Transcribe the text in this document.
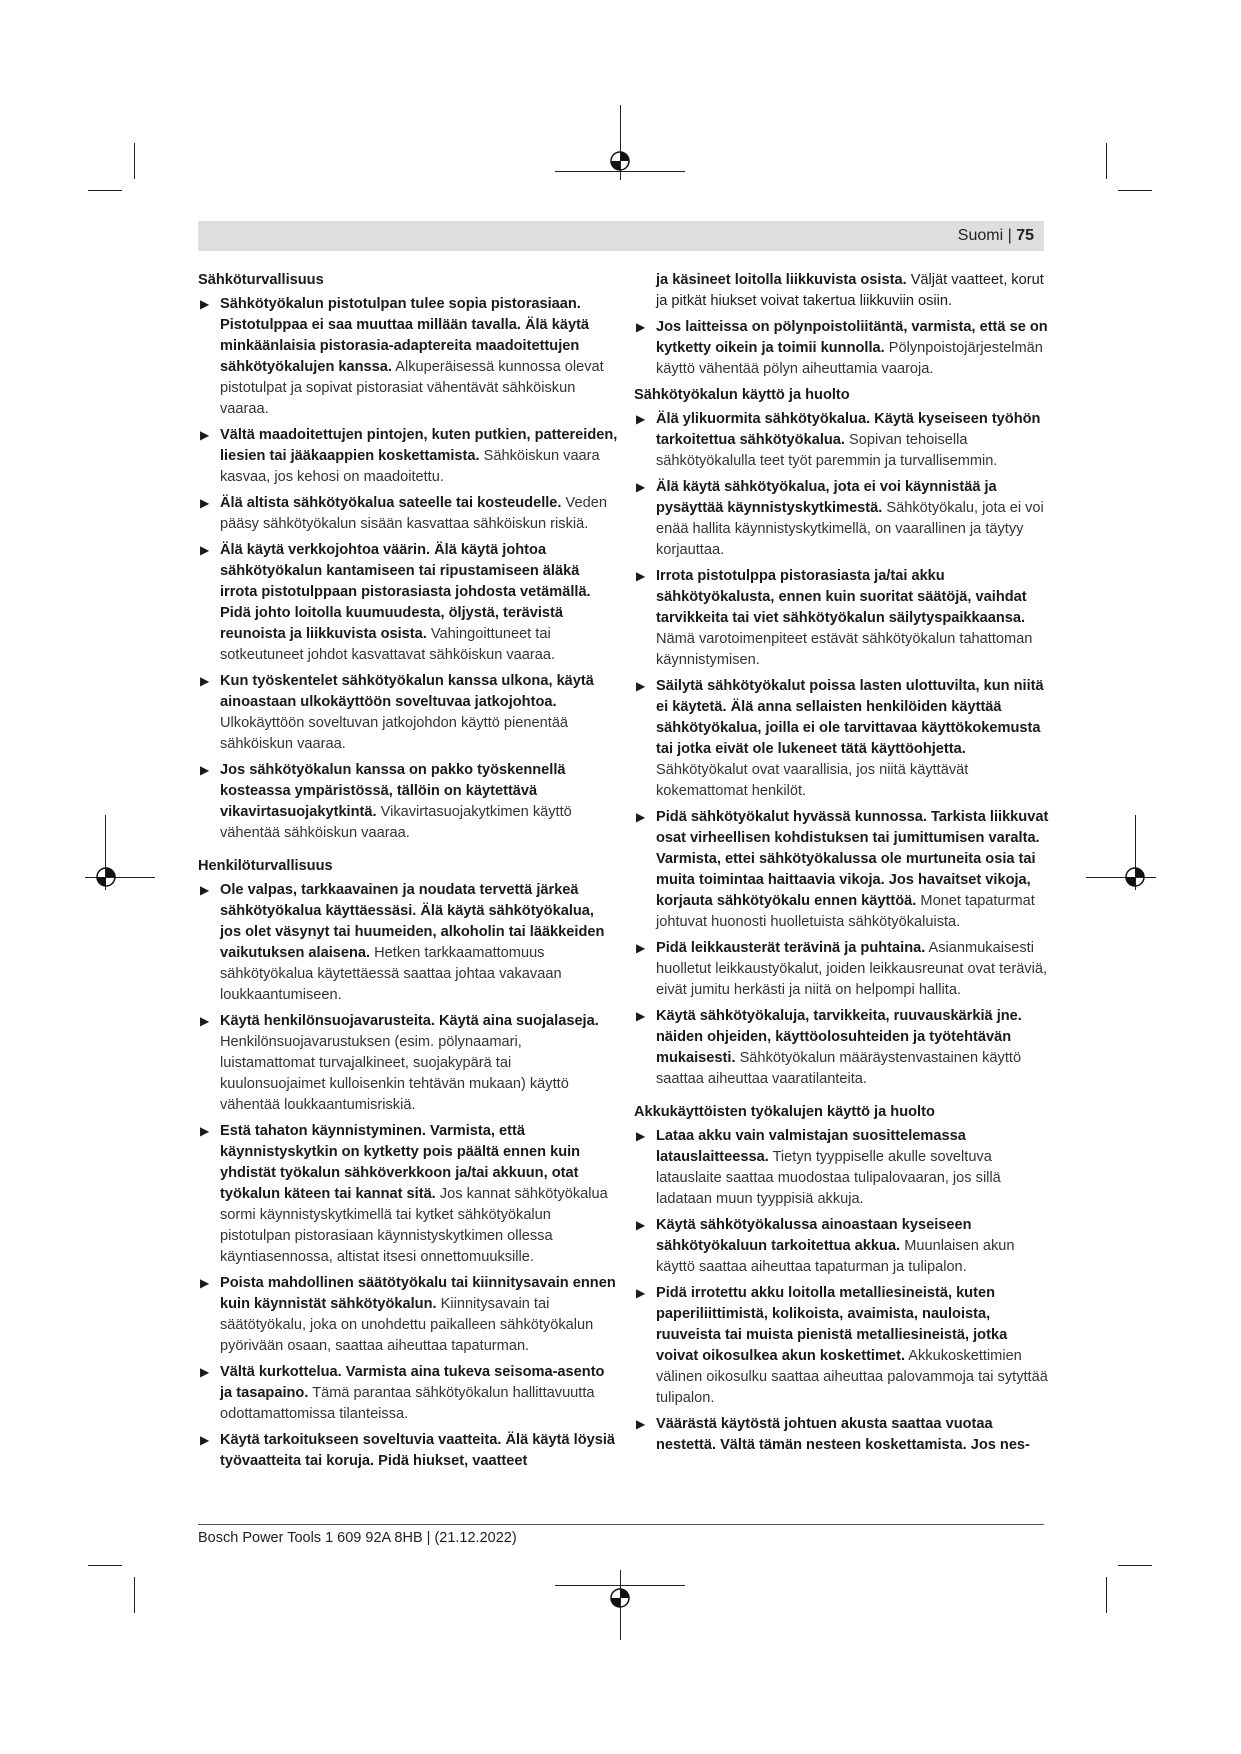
Suomi | 75
Sähköturvallisuus
▶ Sähkötyökalun pistotulpan tulee sopia pistorasiaan. Pistotulppaa ei saa muuttaa millään tavalla. Älä käytä minkäänlaisia pistorasia-adaptereita maadoitettujen sähkötyökalujen kanssa. Alkuperäisessä kunnossa olevat pistotulpat ja sopivat pistorasiat vähentävät sähköiskun vaaraa.
▶ Vältä maadoitettujen pintojen, kuten putkien, pattereiden, liesien tai jääkaappien koskettamista. Sähköiskun vaara kasvaa, jos kehosi on maadoitettu.
▶ Älä altista sähkötyökalua sateelle tai kosteudelle. Veden pääsy sähkötyökalun sisään kasvattaa sähköiskun riskiä.
▶ Älä käytä verkkojohtoa väärin. Älä käytä johtoa sähkötyökalun kantamiseen tai ripustamiseen äläkä irrota pistotulppaan pistorasiasta johdosta vetämällä. Pidä johto loitolla kuumuudesta, öljystä, terävistä reunoista ja liikkuvista osista. Vahingoittuneet tai sotkeutuneet johdot kasvattavat sähköiskun vaaraa.
▶ Kun työskentelet sähkötyökalun kanssa ulkona, käytä ainoastaan ulkokäyttöön soveltuvaa jatkojohtoa. Ulkokäyttöön soveltuvan jatkojohdon käyttö pienentää sähköiskun vaaraa.
▶ Jos sähkötyökalun kanssa on pakko työskennellä kosteassa ympäristössä, tällöin on käytettävä vikavirtasuojakytkintä. Vikavirtasuojakytkimen käyttö vähentää sähköiskun vaaraa.
Henkilöturvallisuus
▶ Ole valpas, tarkkaavainen ja noudata tervettä järkeä sähkötyökalua käyttäessäsi. Älä käytä sähkötyökalua, jos olet väsynyt tai huumeiden, alkoholin tai lääkkeiden vaikutuksen alaisena. Hetken tarkkaamattomuus sähkötyökalua käytettäessä saattaa johtaa vakavaan loukkaantumiseen.
▶ Käytä henkilönsuojavarusteita. Käytä aina suojalaseja. Henkilönsuojavarustuksen (esim. pölynaamari, luistamattomat turvajalkineet, suojakypärä tai kuulonsuojaimet kulloisenkin tehtävän mukaan) käyttö vähentää loukkaantumisriskiä.
▶ Estä tahaton käynnistyminen. Varmista, että käynnistyskytkin on kytketty pois päältä ennen kuin yhdistät työkalun sähköverkkoon ja/tai akkuun, otat työkalun käteen tai kannat sitä. Jos kannat sähkötyökalua sormi käynnistyskytkimellä tai kytket sähkötyökalun pistotulpan pistorasiaan käynnistyskytkimen ollessa käyntiasennossa, altistat itsesi onnettomuuksille.
▶ Poista mahdollinen säätötyökalu tai kiinnitysavain ennen kuin käynnistät sähkötyökalun. Kiinnitysavain tai säätötyökalu, joka on unohdettu paikalleen sähkötyökalun pyörivään osaan, saattaa aiheuttaa tapaturman.
▶ Vältä kurkottelua. Varmista aina tukeva seisoma-asento ja tasapaino. Tämä parantaa sähkötyökalun hallittavuutta odottamattomissa tilanteissa.
▶ Käytä tarkoitukseen soveltuvia vaatteita. Älä käytä löysiä työvaatteita tai koruja. Pidä hiukset, vaatteet
ja käsineet loitolla liikkuvista osista. Väljät vaatteet, korut ja pitkät hiukset voivat takertua liikkuviin osiin.
▶ Jos laitteissa on pölynpoistoliitäntä, varmista, että se on kytketty oikein ja toimii kunnolla. Pölynpoistojärjestelmän käyttö vähentää pölyn aiheuttamia vaaroja.
Sähkötyökalun käyttö ja huolto
▶ Älä ylikuormita sähkötyökalua. Käytä kyseiseen työhön tarkoitettua sähkötyökalua. Sopivan tehoisella sähkötyökalulla teet työt paremmin ja turvallisemmin.
▶ Älä käytä sähkötyökalua, jota ei voi käynnistää ja pysäyttää käynnistyskytkimestä. Sähkötyökalu, jota ei voi enää hallita käynnistyskytkimellä, on vaarallinen ja täytyy korjauttaa.
▶ Irrota pistotulppa pistorasiasta ja/tai akku sähkötyökalusta, ennen kuin suoritat säätöjä, vaihdat tarvikkeita tai viet sähkötyökalun säilytyspaikkaansa. Nämä varotoimenpiteet estävät sähkötyökalun tahattoman käynnistymisen.
▶ Säilytä sähkötyökalut poissa lasten ulottuvilta, kun niitä ei käytetä. Älä anna sellaisten henkilöiden käyttää sähkötyökalua, joilla ei ole tarvittavaa käyttökokemusta tai jotka eivät ole lukeneet tätä käyttöohjetta. Sähkötyökalut ovat vaarallisia, jos niitä käyttävät kokemattomat henkilöt.
▶ Pidä sähkötyökalut hyvässä kunnossa. Tarkista liikkuvat osat virheellisen kohdistuksen tai jumittumisen varalta. Varmista, ettei sähkötyökalussa ole murtuneita osia tai muita toimintaa haittaavia vikoja. Jos havaitset vikoja, korjauta sähkötyökalu ennen käyttöä. Monet tapaturmat johtuvat huonosti huolletuista sähkötyökaluista.
▶ Pidä leikkausterät terävinä ja puhtaina. Asianmukaisesti huolletut leikkaustyökalut, joiden leikkausreunat ovat teräviä, eivät jumitu herkästi ja niitä on helpompi hallita.
▶ Käytä sähkötyökaluja, tarvikkeita, ruuvauskärkiä jne. näiden ohjeiden, käyttöolosuhteiden ja työtehtävän mukaisesti. Sähkötyökalun määräystenvastainen käyttö saattaa aiheuttaa vaaratilanteita.
Akkukäyttöisten työkalujen käyttö ja huolto
▶ Lataa akku vain valmistajan suosittelemassa latauslaitteessa. Tietyn tyyppiselle akulle soveltuva latauslaite saattaa muodostaa tulipalovaaran, jos sillä ladataan muun tyyppisiä akkuja.
▶ Käytä sähkötyökalussa ainoastaan kyseiseen sähkötyökaluun tarkoitettua akkua. Muunlaisen akun käyttö saattaa aiheuttaa tapaturman ja tulipalon.
▶ Pidä irrotettu akku loitolla metalliesineistä, kuten paperiliittimistä, kolikoista, avaimista, nauloista, ruuveista tai muista pienistä metalliesineistä, jotka voivat oikosulkea akun koskettimet. Akkukoskettimien välinen oikosulku saattaa aiheuttaa palovammoja tai sytyttää tulipalon.
▶ Väärästä käytöstä johtuen akusta saattaa vuotaa nestettä. Vältä tämän nesteen koskettamista. Jos nes-
Bosch Power Tools 1 609 92A 8HB | (21.12.2022)
